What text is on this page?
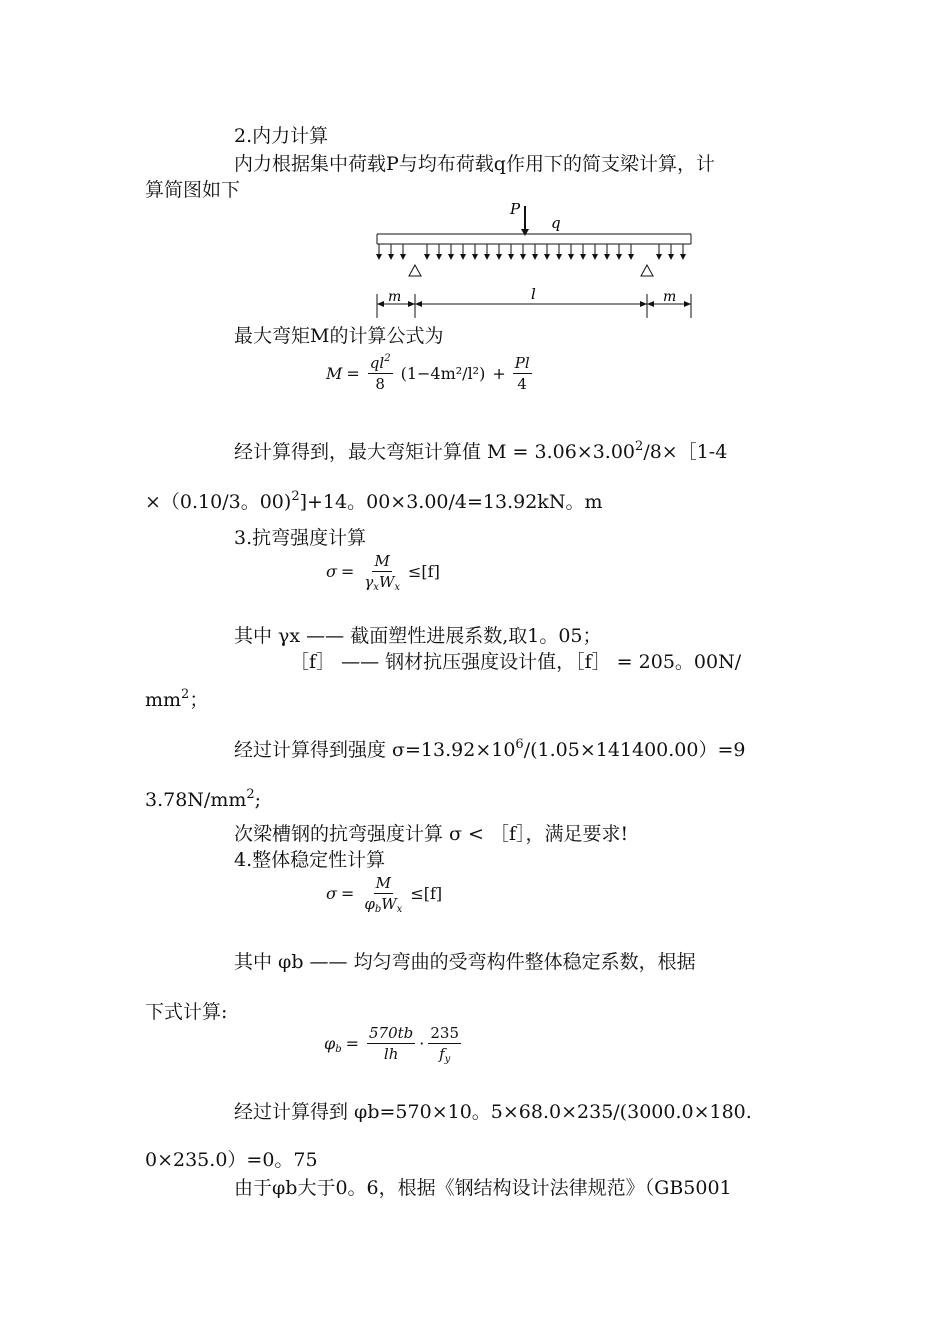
2.内力计算
内力根据集中荷载P与均布荷载q作用下的简支梁计算，计
算简图如下
P
q
m	l	m
最大弯矩M的计算公式为
$M = \frac{ql^2}{8} (1-4m^2/l^2) + \frac{Pl}{4}$
经计算得到，最大弯矩计算值 $M = 3.06\times 3.00^2/8\times[1-4$
×（0.10/3。00)$^2$]+14。00×3.00/4=13.92kN。m
3.抗弯强度计算
$\sigma = \frac{M}{\gamma_xW_x} \le[f]$
其中 γx —— 截面塑性进展系数,取1。05；
［f］ —— 钢材抗压强度设计值，［f］ = 205。00N/
$mm^2$；
经过计算得到强度 $\sigma=13.92\times 10^6/(1.05\times 141400.00)=9$
$3.78N/mm^2$;
次梁槽钢的抗弯强度计算 σ < ［f］，满足要求!
4.整体稳定性计算
$\sigma = \frac{M}{\varphi_bW_x} \le[f]$
其中 φb —— 均匀弯曲的受弯构件整体稳定系数，根据
下式计算:
$\varphi_b = \frac{570tb}{lh} \cdot \frac{235}{f_y}$
经过计算得到 φb=570×10。5×68.0×235/(3000.0×180.
0×235.0）=0。75
由于φb大于0。6，根据《钢结构设计法律规范》（GB5001
